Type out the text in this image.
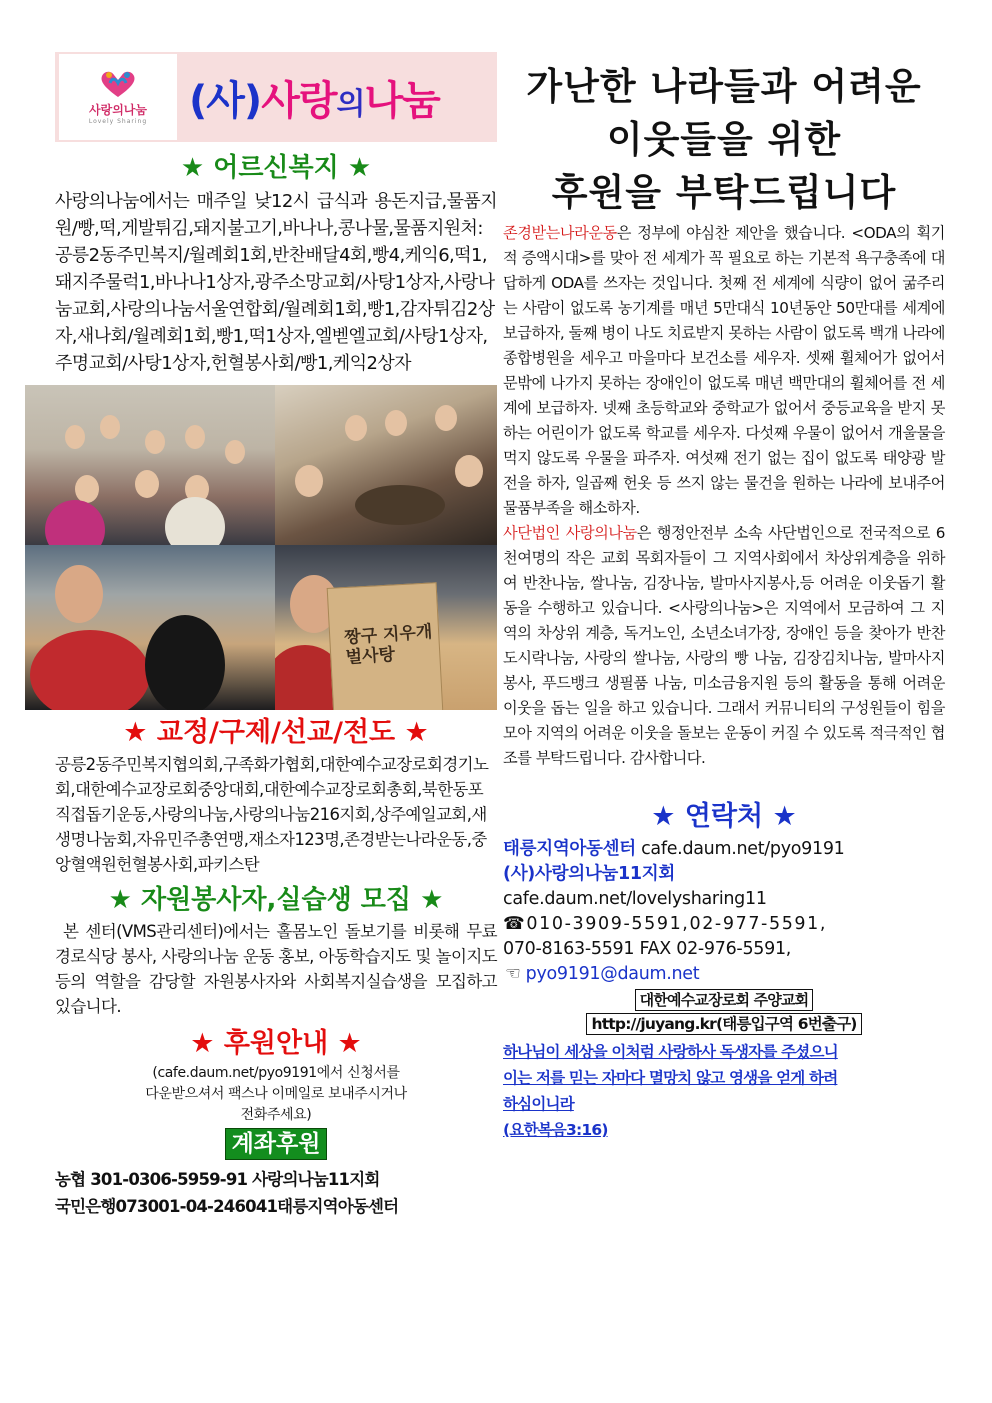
사랑의나눔
Lovely Sharing (사)사랑의나눔
★ 어르신복지 ★
사랑의나눔에서는 매주일 낮12시 급식과 용돈지급,물품지원/빵,떡,게발튀김,돼지불고기,바나나,콩나물,물품지원처:공릉2동주민복지/월례회1회,반찬배달4회,빵4,케익6,떡1,돼지주물럭1,바나나1상자,광주소망교회/사탕1상자,사랑나눔교회,사랑의나눔서울연합회/월례회1회,빵1,감자튀김2상자,새나회/월례회1회,빵1,떡1상자,엘벧엘교회/사탕1상자,주명교회/사탕1상자,헌혈봉사회/빵1,케익2상자
짱구 지우개
벌사탕
★ 교정/구제/선교/전도 ★
공릉2동주민복지협의회,구족화가협회,대한예수교장로회경기노회,대한예수교장로회중앙대회,대한예수교장로회총회,북한동포직접돕기운동,사랑의나눔,사랑의나눔216지회,상주예일교회,새생명나눔회,자유민주총연맹,재소자123명,존경받는나라운동,중앙혈액원헌혈봉사회,파키스탄
★ 자원봉사자,실습생 모집 ★
본 센터(VMS관리센터)에서는 홀몸노인 돌보기를 비롯해 무료경로식당 봉사, 사랑의나눔 운동 홍보, 아동학습지도 및 놀이지도 등의 역할을 감당할 자원봉사자와 사회복지실습생을 모집하고 있습니다.
★ 후원안내 ★
(cafe.daum.net/pyo9191에서 신청서를
다운받으셔서 팩스나 이메일로 보내주시거나
전화주세요)
계좌후원
농협 301-0306-5959-91 사랑의나눔11지회
국민은행073001-04-246041태릉지역아동센터
가난한 나라들과 어려운
이웃들을 위한
후원을 부탁드립니다
존경받는나라운동은 정부에 야심찬 제안을 했습니다. <ODA의 획기적 증액시대>를 맞아 전 세계가 꼭 필요로 하는 기본적 욕구충족에 대답하게 ODA를 쓰자는 것입니다. 첫째 전 세계에 식량이 없어 굶주리는 사람이 없도록 농기계를 매년 5만대식 10년동안 50만대를 세계에 보급하자, 둘째 병이 나도 치료받지 못하는 사람이 없도록 백개 나라에 종합병원을 세우고 마을마다 보건소를 세우자. 셋째 휠체어가 없어서 문밖에 나가지 못하는 장애인이 없도록 매년 백만대의 휠체어를 전 세계에 보급하자. 넷째 초등학교와 중학교가 없어서 중등교육을 받지 못하는 어린이가 없도록 학교를 세우자. 다섯째 우물이 없어서 개울물을 먹지 않도록 우물을 파주자. 여섯째 전기 없는 집이 없도록 태양광 발전을 하자, 일곱째 헌옷 등 쓰지 않는 물건을 원하는 나라에 보내주어 물품부족을 해소하자.
사단법인 사랑의나눔은 행정안전부 소속 사단법인으로 전국적으로 6천여명의 작은 교회 목회자들이 그 지역사회에서 차상위계층을 위하여 반찬나눔, 쌀나눔, 김장나눔, 발마사지봉사,등 어려운 이웃돕기 활동을 수행하고 있습니다. <사랑의나눔>은 지역에서 모금하여 그 지역의 차상위 계층, 독거노인, 소년소녀가장, 장애인 등을 찾아가 반찬도시락나눔, 사랑의 쌀나눔, 사랑의 빵 나눔, 김장김치나눔, 발마사지 봉사, 푸드뱅크 생필품 나눔, 미소금융지원 등의 활동을 통해 어려운 이웃을 돕는 일을 하고 있습니다. 그래서 커뮤니티의 구성원들이 힘을 모아 지역의 어려운 이웃을 돌보는 운동이 커질 수 있도록 적극적인 협조를 부탁드립니다. 감사합니다.
★ 연락처 ★
태릉지역아동센터 cafe.daum.net/pyo9191
(사)사랑의나눔11지회
cafe.daum.net/lovelysharing11
☎010-3909-5591,02-977-5591,
070-8163-5591 FAX 02-976-5591,
☜ pyo9191@daum.net
대한예수교장로회 주양교회
http://juyang.kr(태릉입구역 6번출구)
하나님이 세상을 이처럼 사랑하사 독생자를 주셨으니
이는 저를 믿는 자마다 멸망치 않고 영생을 얻게 하려
하심이니라
(요한복음3:16)
